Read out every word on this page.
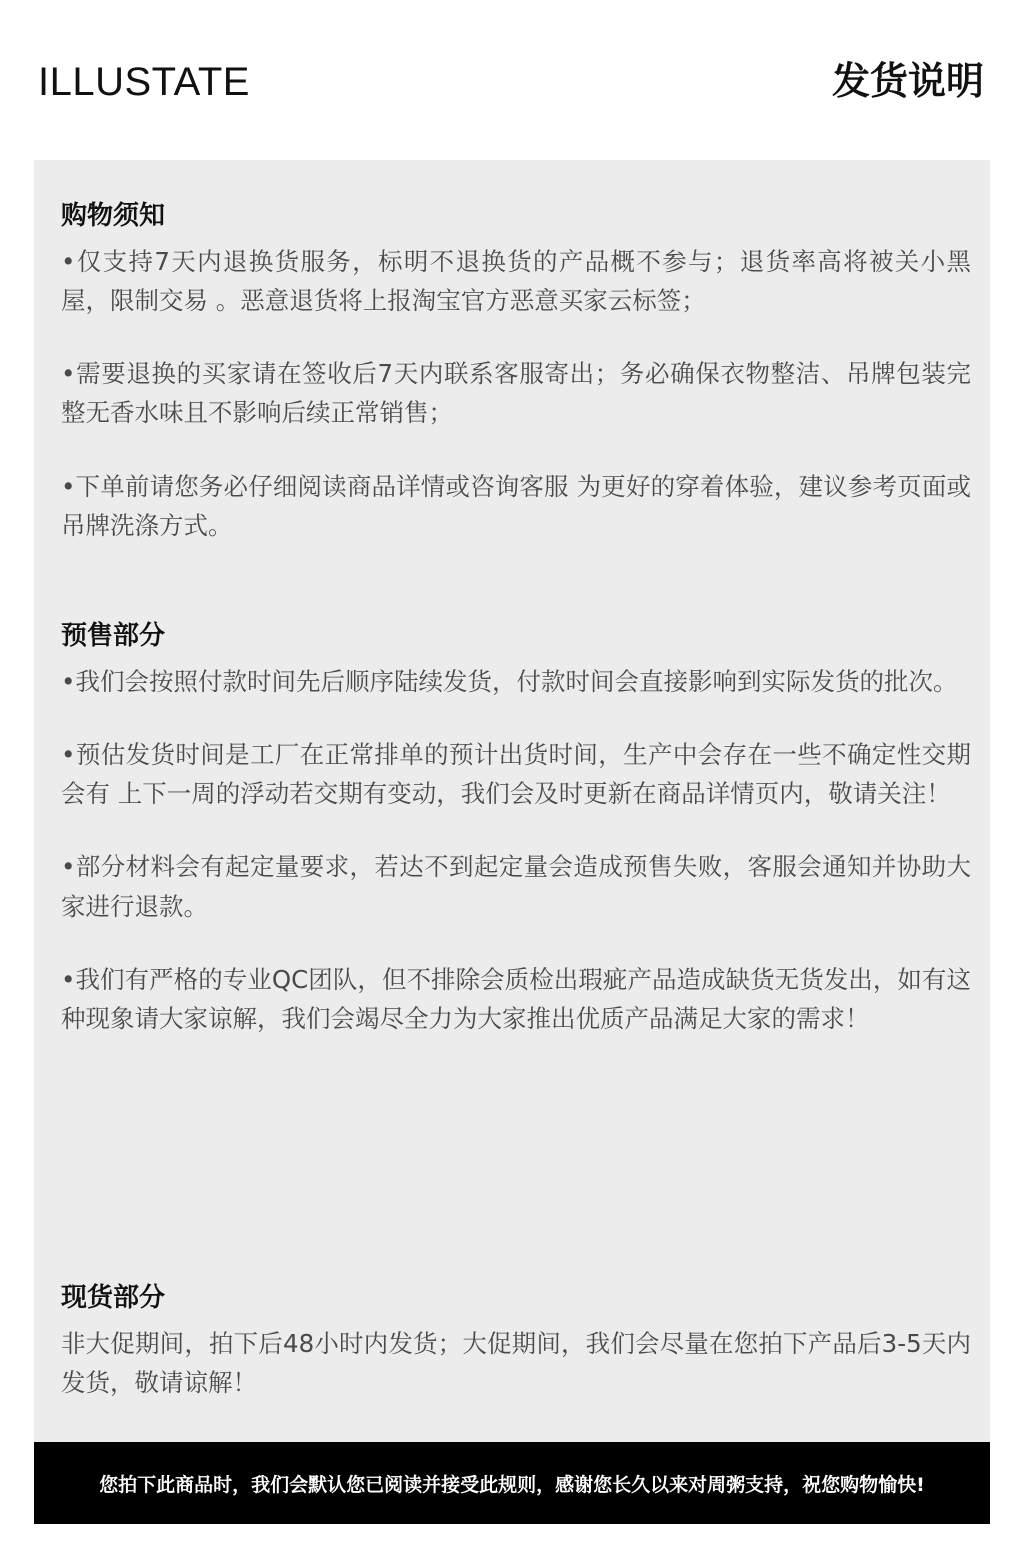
ILLUSTATE	发货说明
购物须知

•仅支持7天内退换货服务，标明不退换货的产品概不参与；退货率高将被关小黑屋，限制交易 。恶意退货将上报淘宝官方恶意买家云标签；

•需要退换的买家请在签收后7天内联系客服寄出；务必确保衣物整洁、吊牌包装完整无香水味且不影响后续正常销售；

•下单前请您务必仔细阅读商品详情或咨询客服 为更好的穿着体验，建议参考页面或吊牌洗涤方式。

预售部分

•我们会按照付款时间先后顺序陆续发货，付款时间会直接影响到实际发货的批次。

•预估发货时间是工厂在正常排单的预计出货时间，生产中会存在一些不确定性交期会有 上下一周的浮动若交期有变动，我们会及时更新在商品详情页内，敬请关注！

•部分材料会有起定量要求，若达不到起定量会造成预售失败，客服会通知并协助大家进行退款。

•我们有严格的专业QC团队，但不排除会质检出瑕疵产品造成缺货无货发出，如有这种现象请大家谅解，我们会竭尽全力为大家推出优质产品满足大家的需求！

现货部分

非大促期间，拍下后48小时内发货；大促期间，我们会尽量在您拍下产品后3-5天内发货，敬请谅解！

您拍下此商品时，我们会默认您已阅读并接受此规则，感谢您长久以来对周粥支持，祝您购物愉快!
